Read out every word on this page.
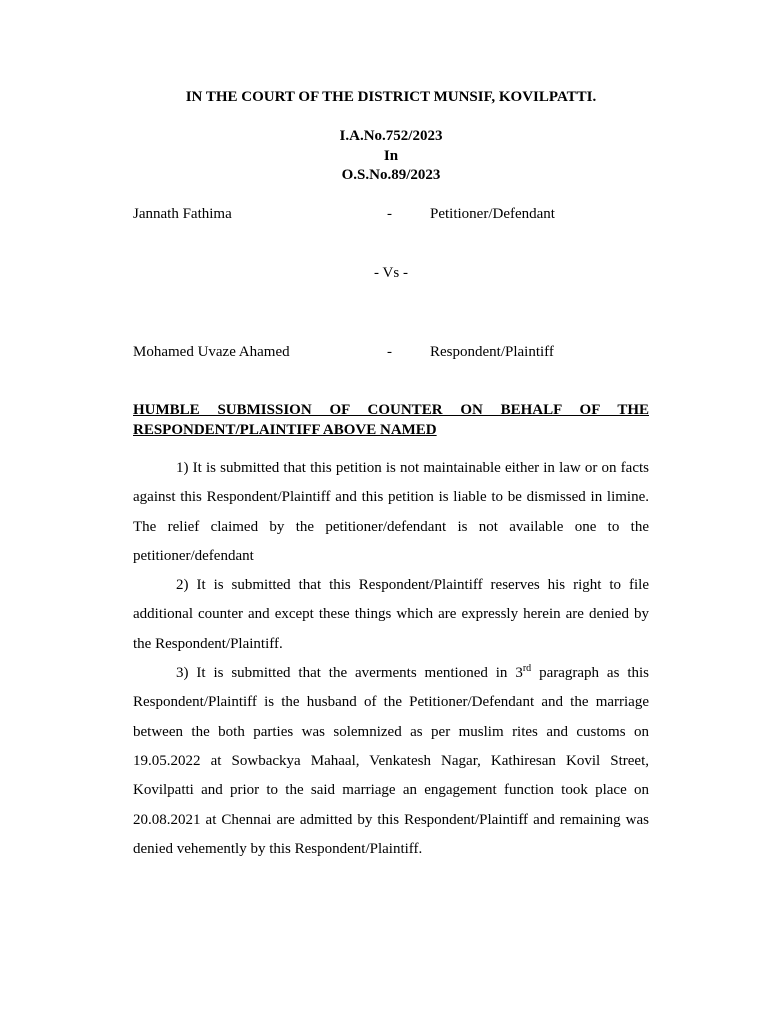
IN THE COURT OF THE DISTRICT MUNSIF, KOVILPATTI.
I.A.No.752/2023
In
O.S.No.89/2023
Jannath Fathima	-	Petitioner/Defendant
- Vs -
Mohamed Uvaze Ahamed	-	Respondent/Plaintiff
HUMBLE SUBMISSION OF COUNTER ON BEHALF OF THE
RESPONDENT/PLAINTIFF ABOVE NAMED

1) It is submitted that this petition is not maintainable either in law or on facts against this Respondent/Plaintiff and this petition is liable to be dismissed in limine. The relief claimed by the petitioner/defendant is not available one to the petitioner/defendant

2) It is submitted that this Respondent/Plaintiff reserves his right to file additional counter and except these things which are expressly herein are denied by the Respondent/Plaintiff.

3) It is submitted that the averments mentioned in 3rd paragraph as this Respondent/Plaintiff is the husband of the Petitioner/Defendant and the marriage between the both parties was solemnized as per muslim rites and customs on 19.05.2022 at Sowbackya Mahaal, Venkatesh Nagar, Kathiresan Kovil Street, Kovilpatti and prior to the said marriage an engagement function took place on 20.08.2021 at Chennai are admitted by this Respondent/Plaintiff and remaining was denied vehemently by this Respondent/Plaintiff.
